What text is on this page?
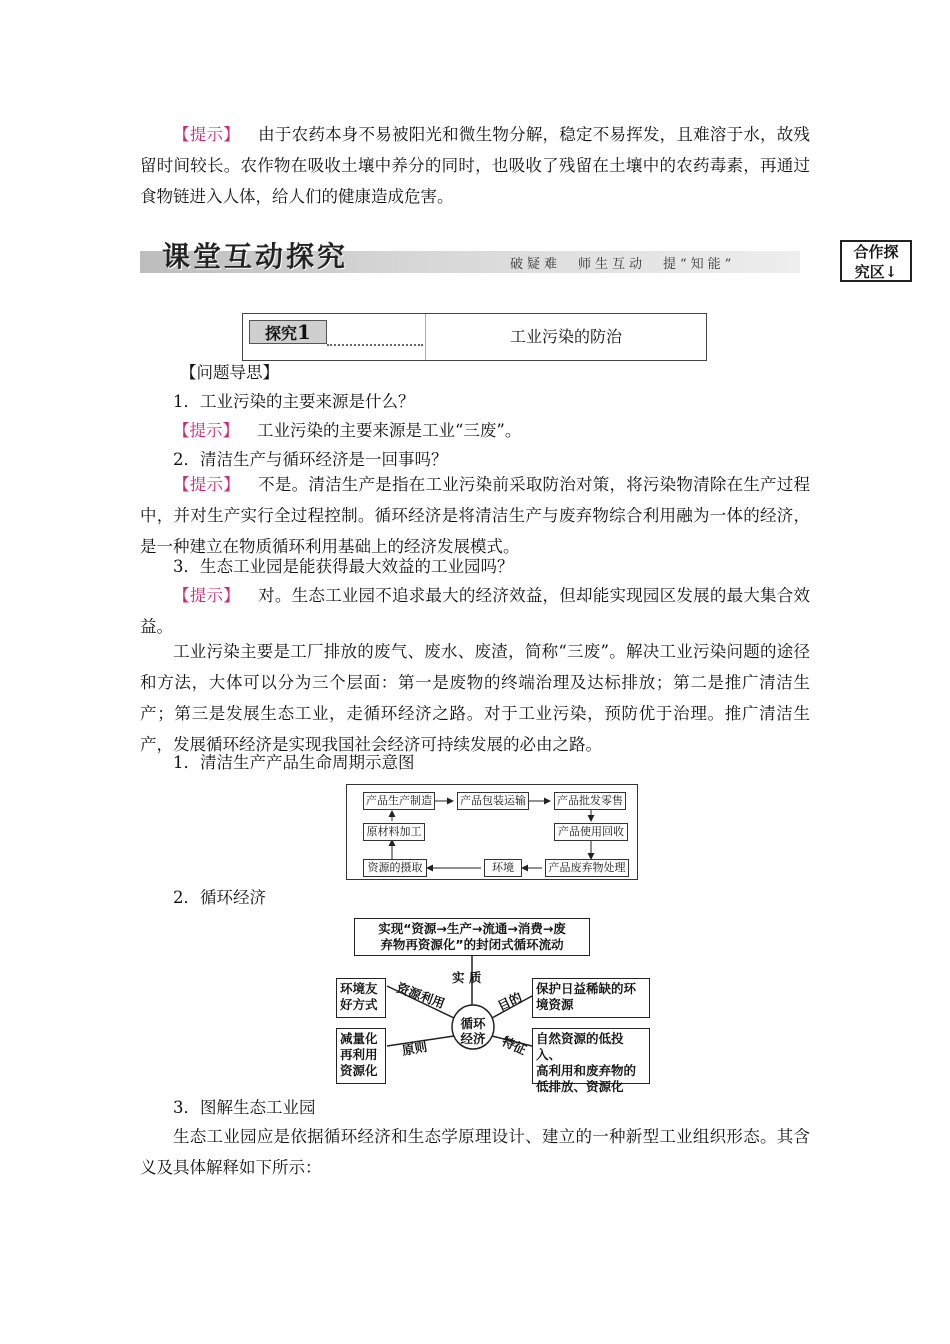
【提示】 由于农药本身不易被阳光和微生物分解，稳定不易挥发，且难溶于水，故残留时间较长。农作物在吸收土壤中养分的同时，也吸收了残留在土壤中的农药毒素，再通过食物链进入人体，给人们的健康造成危害。

课堂互动探究	破疑难　师生互动　提“知能”
合作探
究区↓
探究1	工业污染的防治

【问题导思】

1．工业污染的主要来源是什么？

【提示】 工业污染的主要来源是工业“三废”。

2．清洁生产与循环经济是一回事吗？

【提示】 不是。清洁生产是指在工业污染前采取防治对策，将污染物清除在生产过程中，并对生产实行全过程控制。循环经济是将清洁生产与废弃物综合利用融为一体的经济，是一种建立在物质循环利用基础上的经济发展模式。

3．生态工业园是能获得最大效益的工业园吗？

【提示】 对。生态工业园不追求最大的经济效益，但却能实现园区发展的最大集合效益。

工业污染主要是工厂排放的废气、废水、废渣，简称“三废”。解决工业污染问题的途径和方法，大体可以分为三个层面：第一是废物的终端治理及达标排放；第二是推广清洁生产；第三是发展生态工业，走循环经济之路。对于工业污染，预防优于治理。推广清洁生产，发展循环经济是实现我国社会经济可持续发展的必由之路。

1．清洁生产产品生命周期示意图

产品生产制造	产品包装运输	产品批发零售
原材料加工	产品使用回收
资源的摄取	环境	产品废弃物处理

2．循环经济

实现“资源→生产→流通→消费→废
弃物再资源化”的封闭式循环流动
循环
经济
实 质
资源利用	目的
原则	特征
环境友
好方式
减量化
再利用
资源化
保护日益稀缺的环
境资源
自然资源的低投入、
高利用和废弃物的
低排放、资源化

3．图解生态工业园

生态工业园应是依据循环经济和生态学原理设计、建立的一种新型工业组织形态。其含义及具体解释如下所示：
